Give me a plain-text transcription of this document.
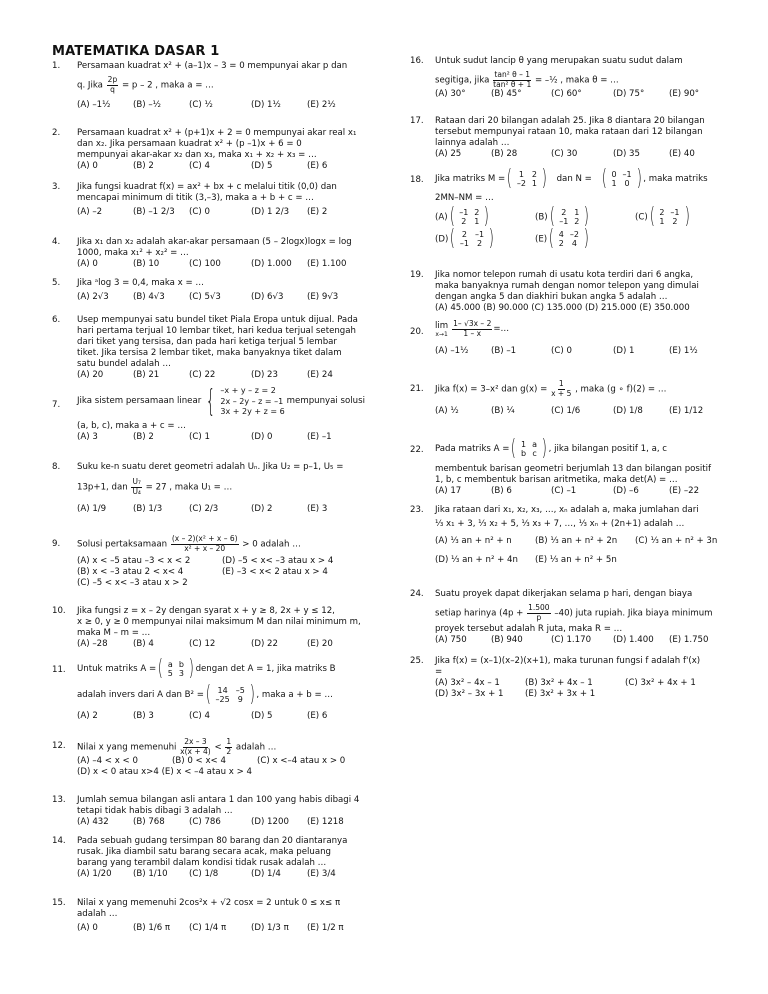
MATEMATIKA DASAR 1
1. Persamaan kuadrat x² + (a–1)x – 3 = 0 mempunyai akar p dan
q. Jika $\frac{2p}{q} = p - 2$ , maka a = …
(A) –1½	(B) –½	(C) ½	(D) 1½	(E) 2½
2. Persamaan kuadrat x² + (p+1)x + 2 = 0 mempunyai akar real x₁
dan x₂. Jika persamaan kuadrat x² + (p –1)x + 6 = 0
mempunyai akar-akar x₂ dan x₃, maka x₁ + x₂ + x₃ = …
(A) 0	(B) 2	(C) 4	(D) 5	(E) 6
3. Jika fungsi kuadrat f(x) = ax² + bx + c melalui titik (0,0) dan
mencapai minimum di titik (3,–3), maka a + b + c = …
(A) –2	(B) –1 2/3	(C) 0	(D) 1 2/3	(E) 2
4. Jika x₁ dan x₂ adalah akar-akar persamaan (5 – 2logx)logx = log
1000, maka x₁² + x₂² = …
(A) 0	(B) 10	(C) 100	(D) 1.000	(E) 1.100
5. Jika ᵃlog 3 = 0,4, maka x = …
(A) 2√3	(B) 4√3	(C) 5√3	(D) 6√3	(E) 9√3
6. Usep mempunyai satu bundel tiket Piala Eropa untuk dijual. Pada
hari pertama terjual 10 lembar tiket, hari kedua terjual setengah
dari tiket yang tersisa, dan pada hari ketiga terjual 5 lembar
tiket. Jika tersisa 2 lembar tiket, maka banyaknya tiket dalam
satu bundel adalah …
(A) 20	(B) 21	(C) 22	(D) 23	(E) 24
7. Jika sistem persamaan linear { –x + y – z = 2
2x – 2y – z = –1
3x + 2y + z = 6
mempunyai solusi
(a, b, c), maka a + c = …
(A) 3	(B) 2	(C) 1	(D) 0	(E) –1
8. Suku ke-n suatu deret geometri adalah Uₙ. Jika U₂ = p–1, U₅ =
13p+1, dan $\frac{\text{U₇}}{\text{U₄}} = 27$ , maka U₁ = …
(A) 1/9	(B) 1/3	(C) 2/3	(D) 2	(E) 3
9. Solusi pertaksamaan $\frac{\text{(x – 2)(x² + x – 6)}}{\text{x² + x – 20}} > 0$ adalah …
(A) x < –5 atau –3 < x < 2	(D) –5 < x< –3 atau x > 4
(B) x < –3 atau 2 < x< 4	(E) –3 < x< 2 atau x > 4
(C) –5 < x< –3 atau x > 2
10. Jika fungsi z = x – 2y dengan syarat x + y ≥ 8, 2x + y ≤ 12,
x ≥ 0, y ≥ 0 mempunyai nilai maksimum M dan nilai minimum m,
maka M – m = …
(A) –28	(B) 4	(C) 12	(D) 22	(E) 20
11. Untuk matriks A = ( a	b
5	3 ) dengan det A = 1, jika matriks B
adalah invers dari A dan B² = ( 14	–5
–25	9 ) , maka a + b = …
(A) 2	(B) 3	(C) 4	(D) 5	(E) 6
12. Nilai x yang memenuhi $\frac{2x - 3}{x(x + 4)} < \frac{1}{2}$ adalah …
(A) –4 < x < 0	(B) 0 < x< 4	(C) x <–4 atau x > 0
(D) x < 0 atau x>4 (E) x < –4 atau x > 4
13. Jumlah semua bilangan asli antara 1 dan 100 yang habis dibagi 4
tetapi tidak habis dibagi 3 adalah …
(A) 432	(B) 768	(C) 786	(D) 1200	(E) 1218
14. Pada sebuah gudang tersimpan 80 barang dan 20 diantaranya
rusak. Jika diambil satu barang secara acak, maka peluang
barang yang terambil dalam kondisi tidak rusak adalah …
(A) 1/20	(B) 1/10	(C) 1/8	(D) 1/4	(E) 3/4
15. Nilai x yang memenuhi 2cos²x + √2 cosx = 2 untuk 0 ≤ x≤ π
adalah …
(A) 0	(B) 1/6 π	(C) 1/4 π	(D) 1/3 π	(E) 1/2 π
16. Untuk sudut lancip θ yang merupakan suatu sudut dalam
segitiga, jika $\frac{\text{tan² θ – 1}}{\text{tan² θ + 1}}$ = –½ , maka θ = …
(A) 30°	(B) 45°	(C) 60°	(D) 75°	(E) 90°
17. Rataan dari 20 bilangan adalah 25. Jika 8 diantara 20 bilangan
tersebut mempunyai rataan 10, maka rataan dari 12 bilangan
lainnya adalah …
(A) 25	(B) 28	(C) 30	(D) 35	(E) 40
18. Jika matriks M = ( 1	2
–2	1 ) dan N = ( 0	–1
1	0 ) , maka matriks
2MN–NM = …
(A) ( –1	2
2	1 )	(B) ( 2	1
–1	2 )	(C) ( 2	–1
1	2 )
(D) ( 2	–1
–1	2 )	(E) ( 4	–2
2	4 )
19. Jika nomor telepon rumah di usatu kota terdiri dari 6 angka,
maka banyaknya rumah dengan nomor telepon yang dimulai
dengan angka 5 dan diakhiri bukan angka 5 adalah …
(A) 45.000 (B) 90.000 (C) 135.000 (D) 215.000 (E) 350.000
20.
lim
$x\to 1 \frac{1- √3x - 2}{1 - x}$ =…
(A) –1½	(B) –1	(C) 0	(D) 1	(E) 1½
21. Jika f(x) = 3–x² dan $g(x) = \frac{1}{x + 5}$ , maka (g ∘ f)(2) = …
(A) ½	(B) ¼	(C) 1/6	(D) 1/8	(E) 1/12
22. Pada matriks A = ( 1	a
b	c ) , jika bilangan positif 1, a, c
membentuk barisan geometri berjumlah 13 dan bilangan positif
1, b, c membentuk barisan aritmetika, maka det(A) = …
(A) 17	(B) 6	(C) –1	(D) –6	(E) –22
23. Jika rataan dari x₁, x₂, x₃, …, xₙ adalah a, maka jumlahan dari
⅓ x₁ + 3, ⅓ x₂ + 5, ⅓ x₃ + 7, …, ⅓ xₙ + (2n+1) adalah …
(A) ⅓ an + n² + n	(B) ⅓ an + n² + 2n	(C) ⅓ an + n² + 3n
(D) ⅓ an + n² + 4n	(E) ⅓ an + n² + 5n
24. Suatu proyek dapat dikerjakan selama p hari, dengan biaya
setiap harinya $(4p + \frac{1.500}{p} -40)$ juta rupiah. Jika biaya minimum
proyek tersebut adalah R juta, maka R = …
(A) 750	(B) 940	(C) 1.170	(D) 1.400	(E) 1.750
25. Jika f(x) = (x–1)(x–2)(x+1), maka turunan fungsi f adalah f'(x)
=
(A) 3x² – 4x – 1	(B) 3x² + 4x – 1	(C) 3x² + 4x + 1
(D) 3x² – 3x + 1	(E) 3x² + 3x + 1
